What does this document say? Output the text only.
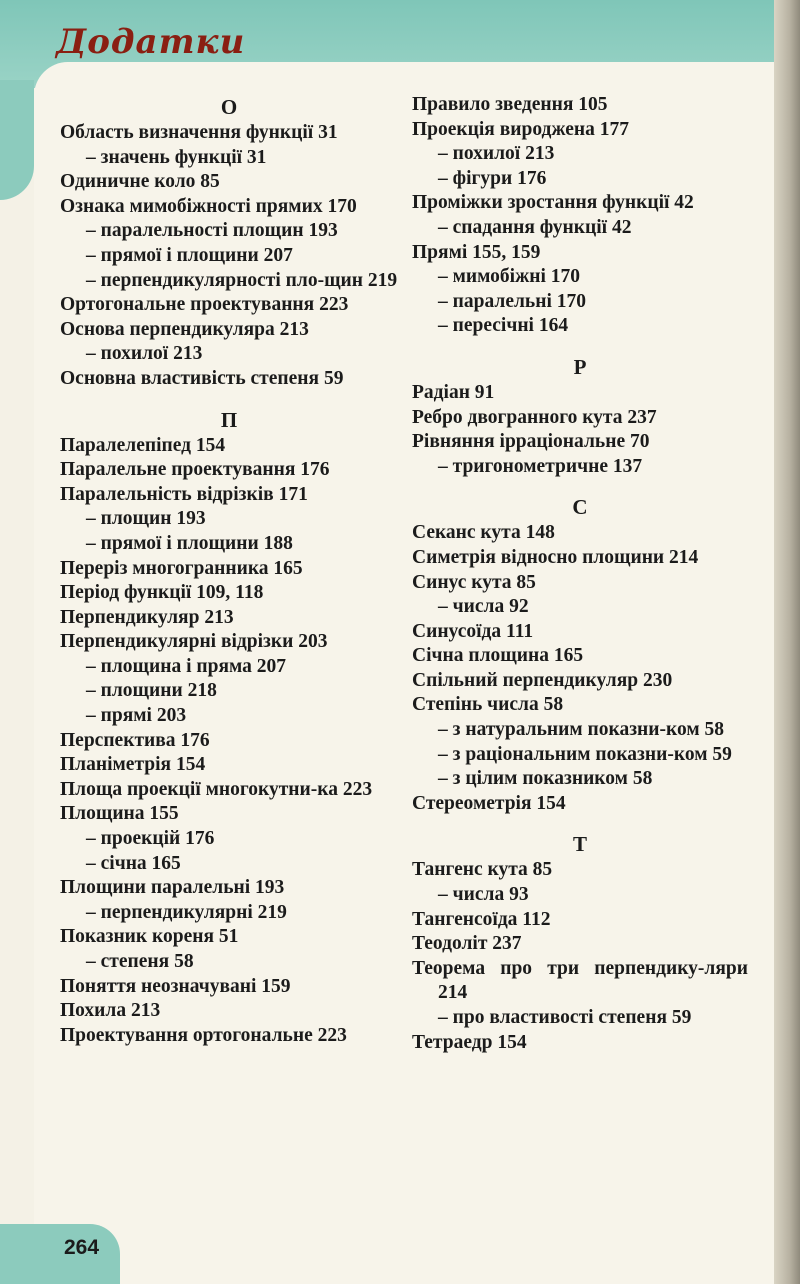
Додатки

О

Область визначення функції 31

– значень функції 31

Одиничне коло 85

Ознака мимобіжності прямих 170

– паралельності площин 193

– прямої і площини 207

– перпендикулярності пло-щин 219

Ортогональне проектування 223

Основа перпендикуляра 213

– похилої 213

Основна властивість степеня 59

П

Паралелепіпед 154

Паралельне проектування 176

Паралельність відрізків 171

– площин 193

– прямої і площини 188

Переріз многогранника 165

Період функції 109, 118

Перпендикуляр 213

Перпендикулярні відрізки 203

– площина і пряма 207

– площини 218

– прямі 203

Перспектива 176

Планіметрія 154

Площа проекції многокутни-ка 223

Площина 155

– проекцій 176

– січна 165

Площини паралельні 193

– перпендикулярні 219

Показник кореня 51

– степеня 58

Поняття неозначувані 159

Похила 213

Проектування ортогональне 223

Правило зведення 105

Проекція вироджена 177

– похилої 213

– фігури 176

Проміжки зростання функції 42

– спадання функції 42

Прямі 155, 159

– мимобіжні 170

– паралельні 170

– пересічні 164

Р

Радіан 91

Ребро двогранного кута 237

Рівняння ірраціональне 70

– тригонометричне 137

С

Секанс кута 148

Симетрія відносно площини 214

Синус кута 85

– числа 92

Синусоїда 111

Січна площина 165

Спільний перпендикуляр 230

Степінь числа 58

– з натуральним показни-ком 58

– з раціональним показни-ком 59

– з цілим показником 58

Стереометрія 154

Т

Тангенс кута 85

– числа 93

Тангенсоїда 112

Теодоліт 237

Теорема про три перпендику-ляри 214

– про властивості степеня 59

Тетраедр 154

264
